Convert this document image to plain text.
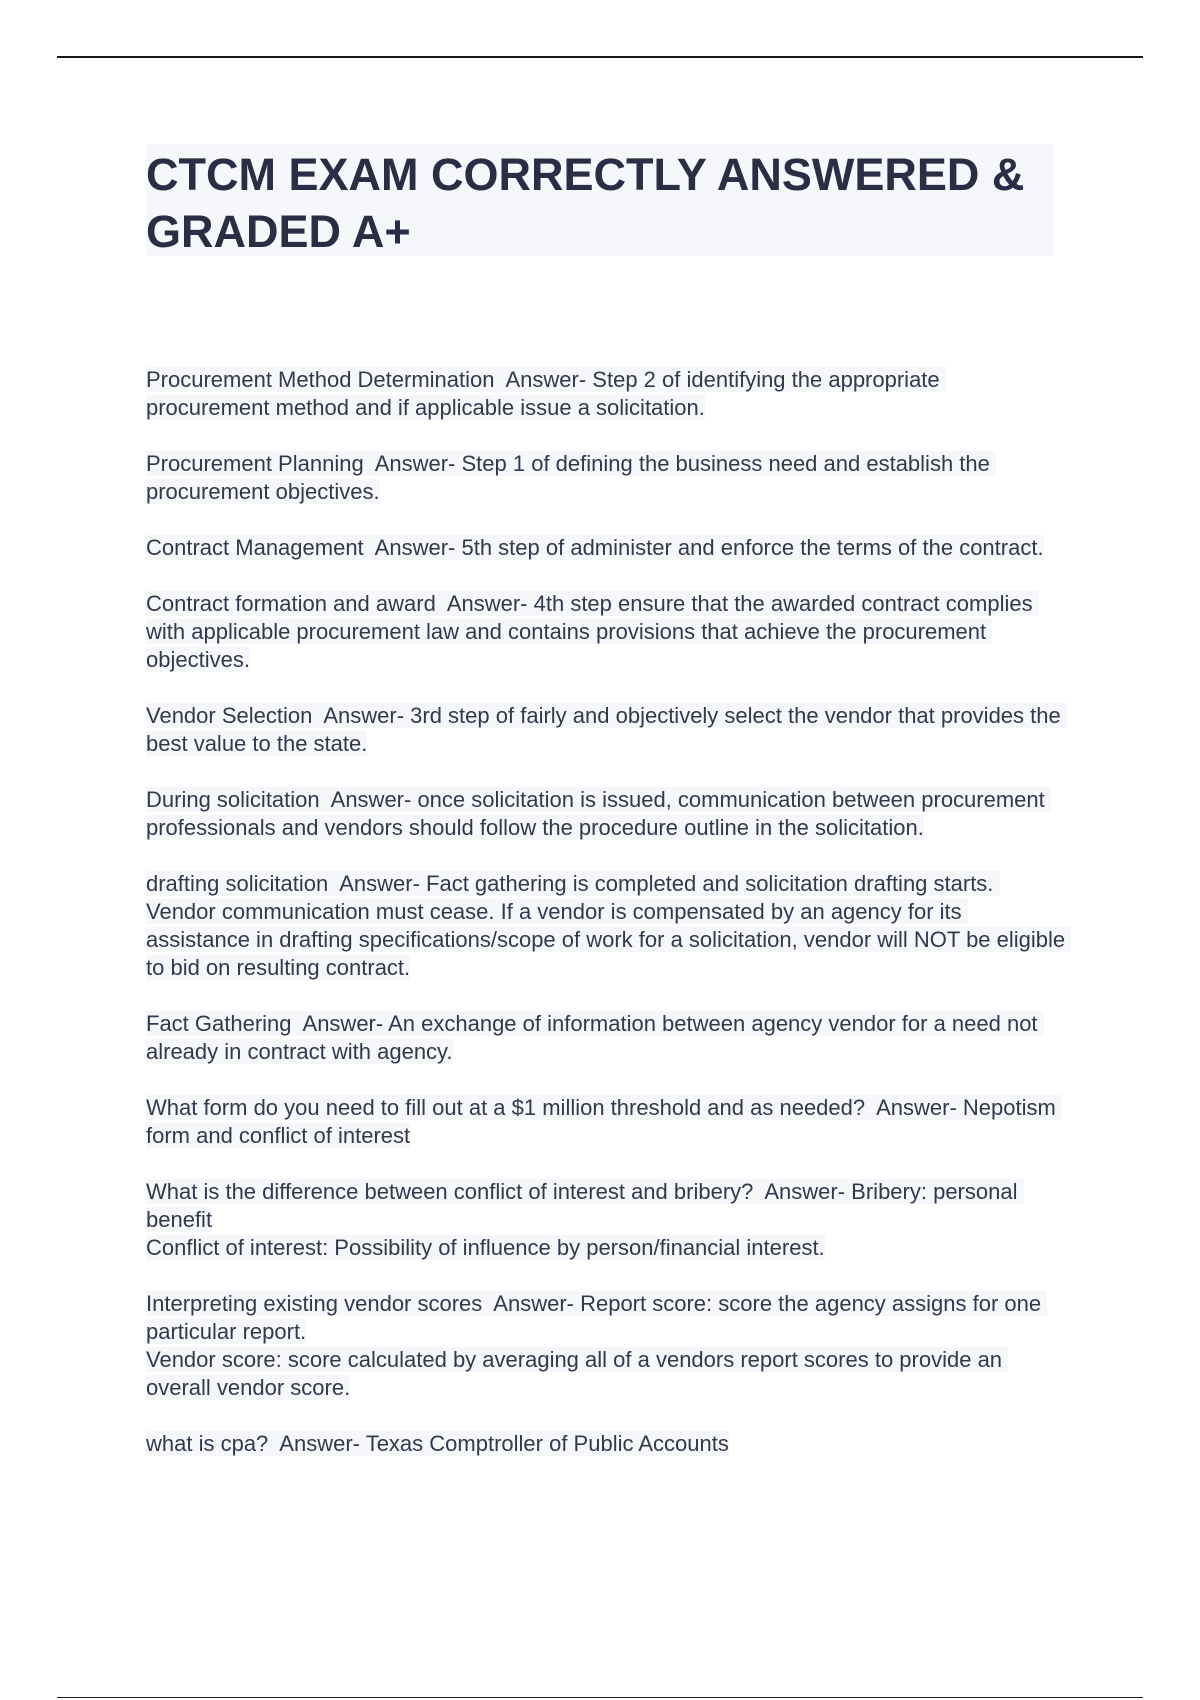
CTCM EXAM CORRECTLY ANSWERED & GRADED A+

Procurement Method Determination  Answer- Step 2 of identifying the appropriate procurement method and if applicable issue a solicitation.

Procurement Planning  Answer- Step 1 of defining the business need and establish the procurement objectives.

Contract Management  Answer- 5th step of administer and enforce the terms of the contract.

Contract formation and award  Answer- 4th step ensure that the awarded contract complies with applicable procurement law and contains provisions that achieve the procurement objectives.

Vendor Selection  Answer- 3rd step of fairly and objectively select the vendor that provides the best value to the state.

During solicitation  Answer- once solicitation is issued, communication between procurement professionals and vendors should follow the procedure outline in the solicitation.

drafting solicitation  Answer- Fact gathering is completed and solicitation drafting starts. Vendor communication must cease. If a vendor is compensated by an agency for its assistance in drafting specifications/scope of work for a solicitation, vendor will NOT be eligible to bid on resulting contract.

Fact Gathering  Answer- An exchange of information between agency vendor for a need not already in contract with agency.

What form do you need to fill out at a $1 million threshold and as needed?  Answer- Nepotism form and conflict of interest

What is the difference between conflict of interest and bribery?  Answer- Bribery: personal benefit
Conflict of interest: Possibility of influence by person/financial interest.

Interpreting existing vendor scores  Answer- Report score: score the agency assigns for one particular report.
Vendor score: score calculated by averaging all of a vendors report scores to provide an overall vendor score.

what is cpa?  Answer- Texas Comptroller of Public Accounts
